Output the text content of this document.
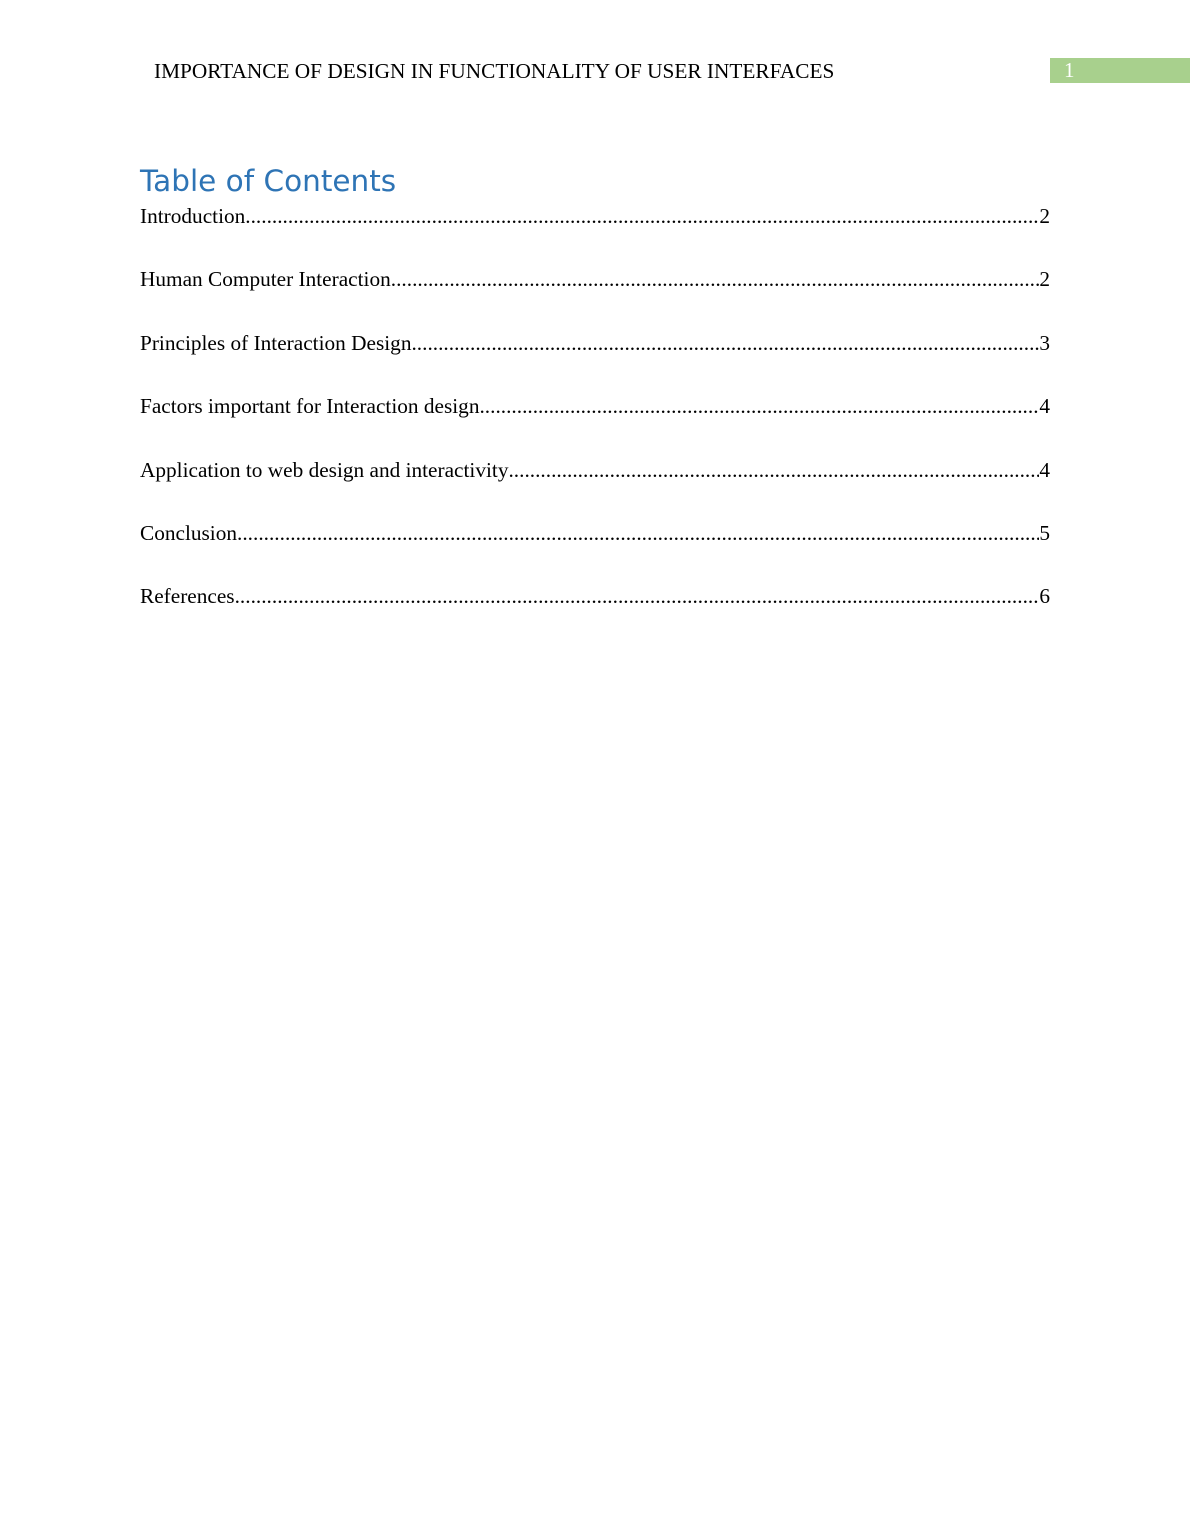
IMPORTANCE OF DESIGN IN FUNCTIONALITY OF USER INTERFACES	1
Table of Contents
Introduction .....	2
Human Computer Interaction .....	2
Principles of Interaction Design .....	3
Factors important for Interaction design .....	4
Application to web design and interactivity .....	4
Conclusion .....	5
References .....	6
